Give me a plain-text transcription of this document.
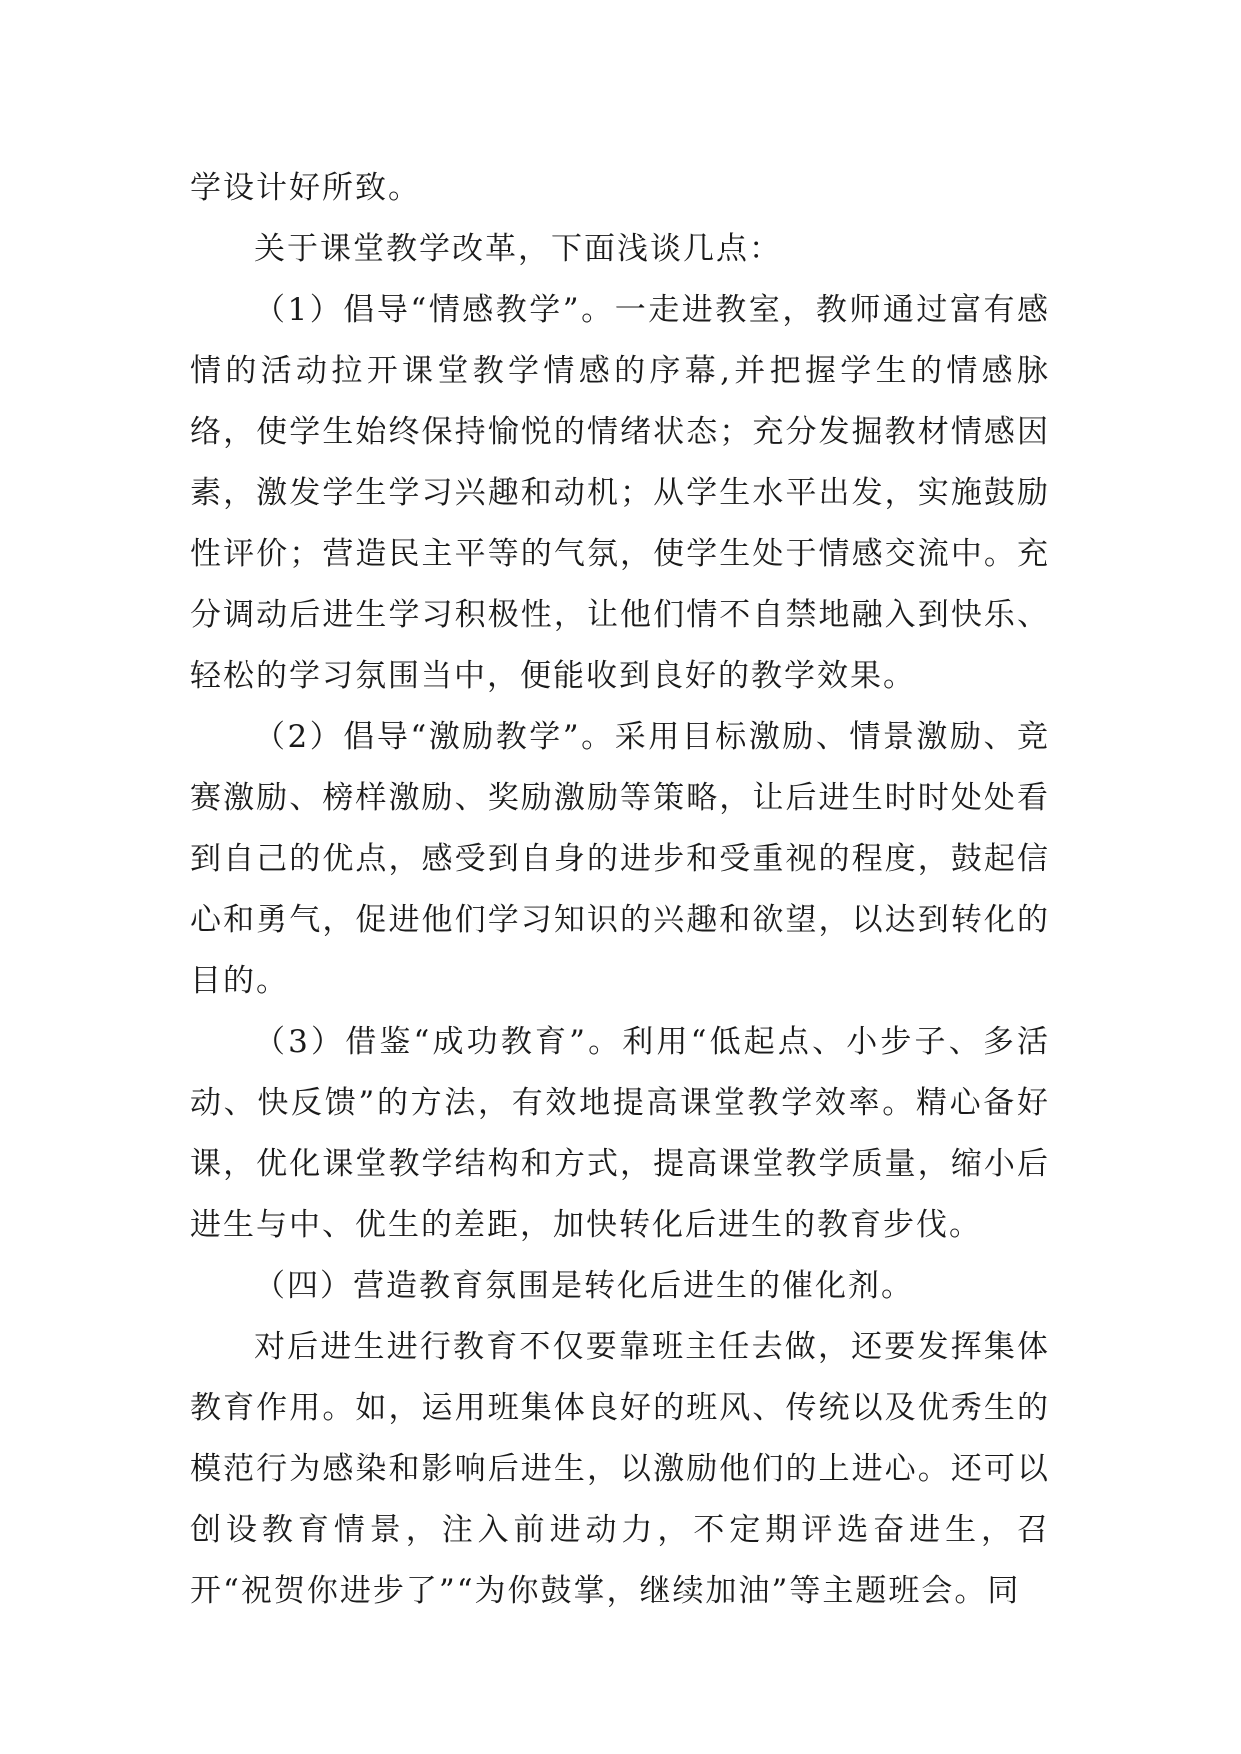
学设计好所致。

关于课堂教学改革，下面浅谈几点：

（1）倡导“情感教学”。一走进教室，教师通过富有感情的活动拉开课堂教学情感的序幕,并把握学生的情感脉络，使学生始终保持愉悦的情绪状态；充分发掘教材情感因素，激发学生学习兴趣和动机；从学生水平出发，实施鼓励性评价；营造民主平等的气氛，使学生处于情感交流中。充分调动后进生学习积极性，让他们情不自禁地融入到快乐、轻松的学习氛围当中，便能收到良好的教学效果。

（2）倡导“激励教学”。采用目标激励、情景激励、竞赛激励、榜样激励、奖励激励等策略，让后进生时时处处看到自己的优点，感受到自身的进步和受重视的程度，鼓起信心和勇气，促进他们学习知识的兴趣和欲望，以达到转化的目的。

（3）借鉴“成功教育”。利用“低起点、小步子、多活动、快反馈”的方法，有效地提高课堂教学效率。精心备好课，优化课堂教学结构和方式，提高课堂教学质量，缩小后进生与中、优生的差距，加快转化后进生的教育步伐。

（四）营造教育氛围是转化后进生的催化剂。

对后进生进行教育不仅要靠班主任去做，还要发挥集体教育作用。如，运用班集体良好的班风、传统以及优秀生的模范行为感染和影响后进生，以激励他们的上进心。还可以创设教育情景，注入前进动力，不定期评选奋进生，召开“祝贺你进步了”“为你鼓掌，继续加油”等主题班会。同
